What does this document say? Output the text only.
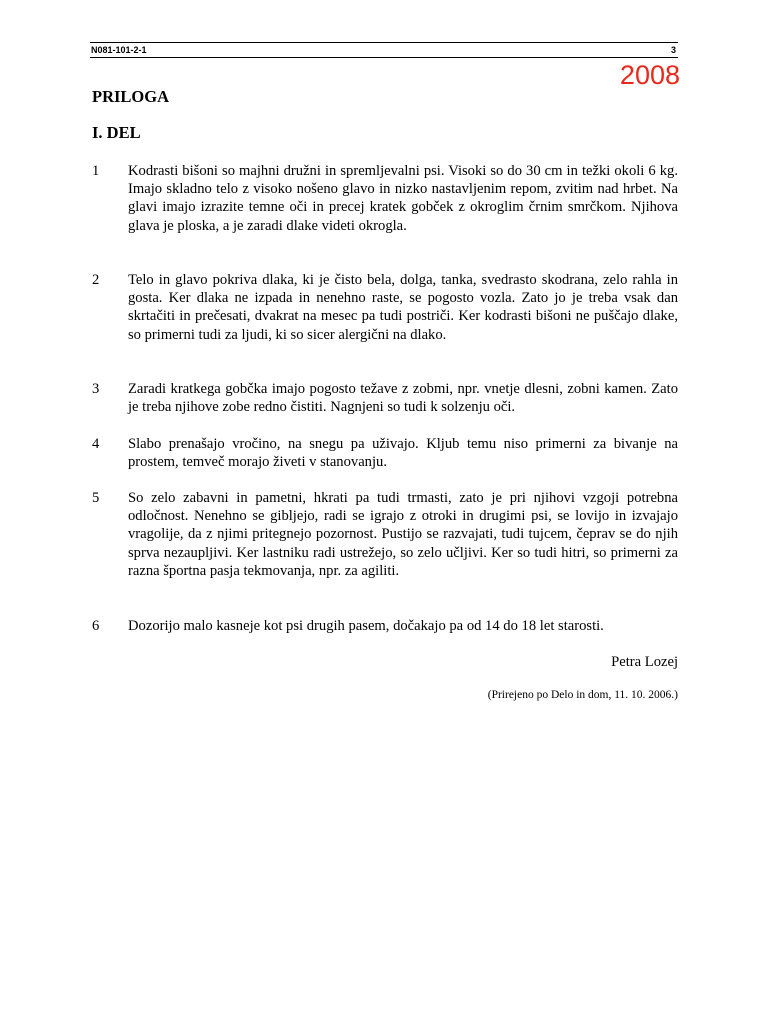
N081-101-2-1	3
2008
PRILOGA
I. DEL
1 Kodrasti bišoni so majhni družni in spremljevalni psi. Visoki so do 30 cm in težki okoli 6 kg. Imajo skladno telo z visoko nošeno glavo in nizko nastavljenim repom, zvitim nad hrbet. Na glavi imajo izrazite temne oči in precej kratek gobček z okroglim črnim smrčkom. Njihova glava je ploska, a je zaradi dlake videti okrogla.
2 Telo in glavo pokriva dlaka, ki je čisto bela, dolga, tanka, svedrasto skodrana, zelo rahla in gosta. Ker dlaka ne izpada in nenehno raste, se pogosto vozla. Zato jo je treba vsak dan skrtačiti in prečesati, dvakrat na mesec pa tudi postriči. Ker kodrasti bišoni ne puščajo dlake, so primerni tudi za ljudi, ki so sicer alergični na dlako.
3 Zaradi kratkega gobčka imajo pogosto težave z zobmi, npr. vnetje dlesni, zobni kamen. Zato je treba njihove zobe redno čistiti. Nagnjeni so tudi k solzenju oči.
4 Slabo prenašajo vročino, na snegu pa uživajo. Kljub temu niso primerni za bivanje na prostem, temveč morajo živeti v stanovanju.
5 So zelo zabavni in pametni, hkrati pa tudi trmasti, zato je pri njihovi vzgoji potrebna odločnost. Nenehno se gibljejo, radi se igrajo z otroki in drugimi psi, se lovijo in izvajajo vragolije, da z njimi pritegnejo pozornost. Pustijo se razvajati, tudi tujcem, čeprav se do njih sprva nezaupljivi. Ker lastniku radi ustrežejo, so zelo učljivi. Ker so tudi hitri, so primerni za razna športna pasja tekmovanja, npr. za agiliti.
6 Dozorijo malo kasneje kot psi drugih pasem, dočakajo pa od 14 do 18 let starosti.
Petra Lozej
(Prirejeno po Delo in dom, 11. 10. 2006.)
